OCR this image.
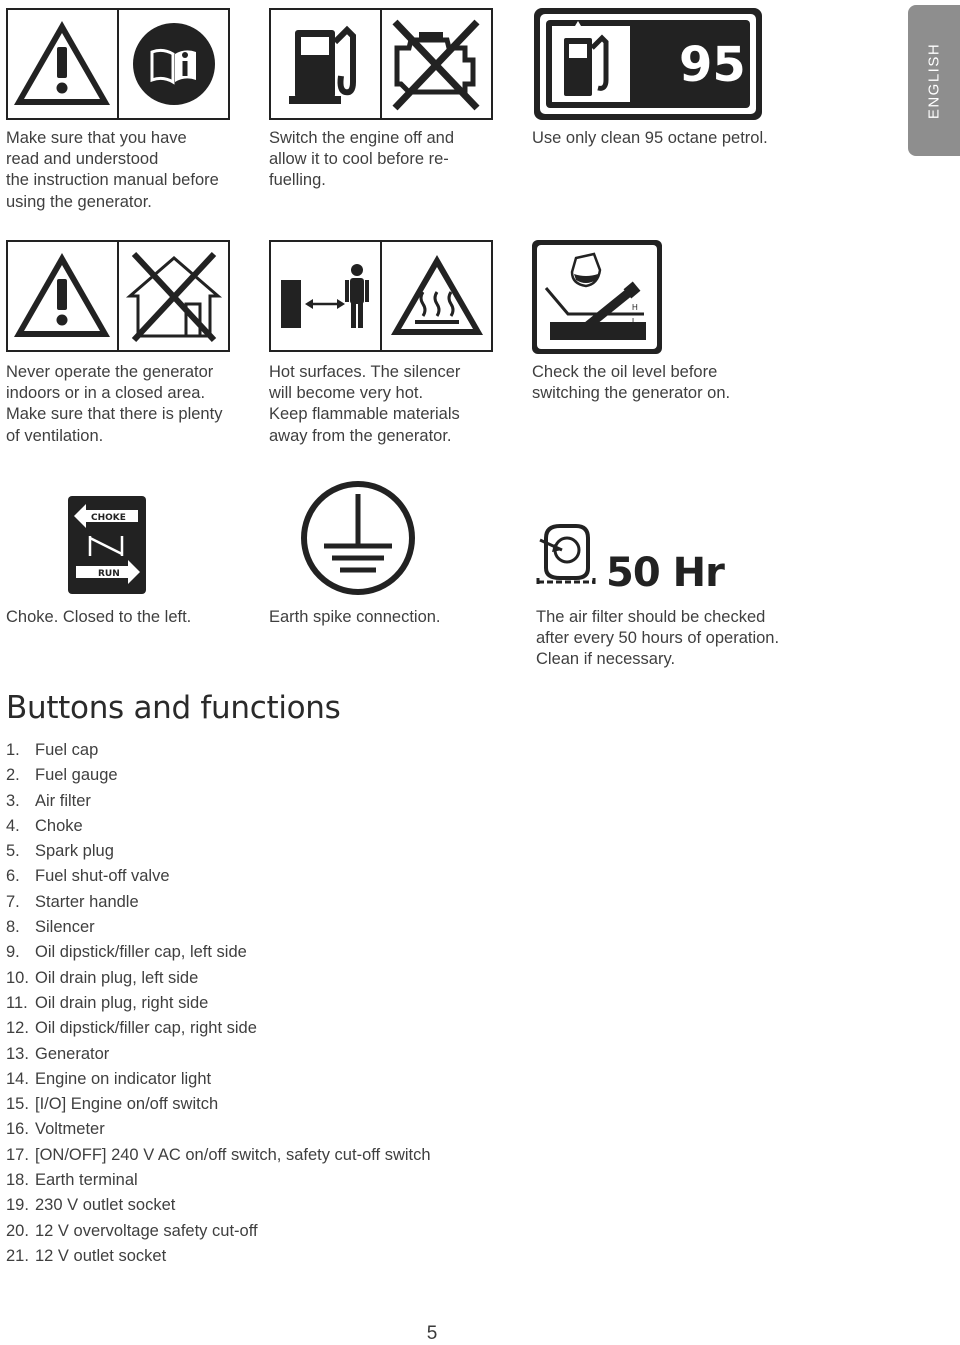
ENGLISH

Make sure that you have
read and understood
the instruction manual before
using the generator.

Switch the engine off and
allow it to cool before re-
fuelling.

95

Use only clean 95 octane petrol.

Never operate the generator
indoors or in a closed area.
Make sure that there is plenty
of ventilation.

Hot surfaces. The silencer
will become very hot.
Keep flammable materials
away from the generator.

H
L

Check the oil level before
switching the generator on.

CHOKE
RUN

Choke. Closed to the left.	Earth spike connection.

50 Hr

The air filter should be checked
after every 50 hours of operation.
Clean if necessary.

Buttons and functions
1. Fuel cap
2. Fuel gauge
3. Air filter
4. Choke
5. Spark plug
6. Fuel shut-off valve
7. Starter handle
8. Silencer
9. Oil dipstick/filler cap, left side
10. Oil drain plug, left side
11. Oil drain plug, right side
12. Oil dipstick/filler cap, right side
13. Generator
14. Engine on indicator light
15. [I/O] Engine on/off switch
16. Voltmeter
17. [ON/OFF] 240 V AC on/off switch, safety cut-off switch
18. Earth terminal
19. 230 V outlet socket
20. 12 V overvoltage safety cut-off
21. 12 V outlet socket
5
